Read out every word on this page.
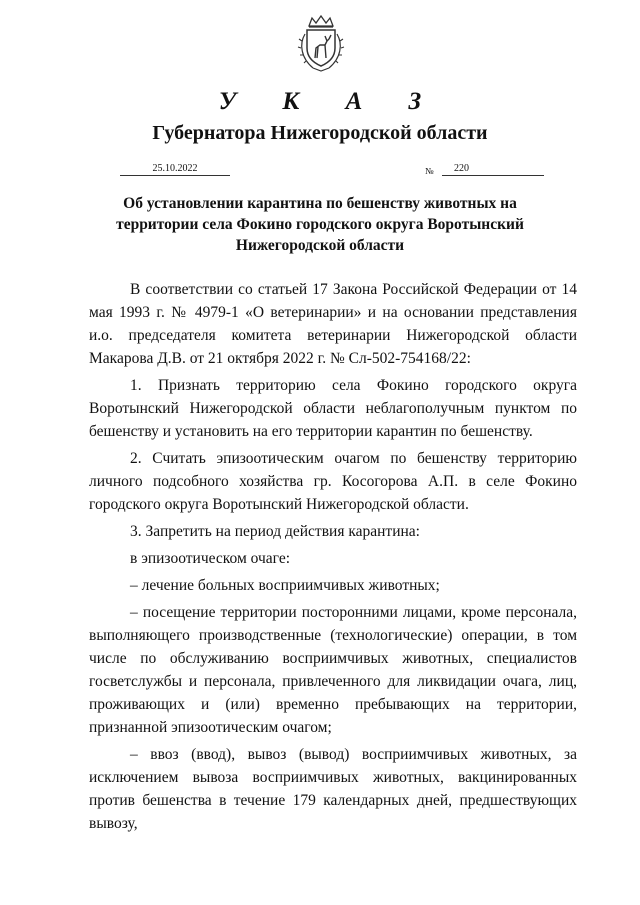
У К А З
Губернатора Нижегородской области
25.10.2022	№	220
Об установлении карантина по бешенству животных на территории села Фокино городского округа Воротынский Нижегородской области

В соответствии со статьей 17 Закона Российской Федерации от 14 мая 1993 г. № 4979-1 «О ветеринарии» и на основании представления и.о. председателя комитета ветеринарии Нижегородской области Макарова Д.В. от 21 октября 2022 г. № Сл-502-754168/22:

1. Признать территорию села Фокино городского округа Воротынский Нижегородской области неблагополучным пунктом по бешенству и установить на его территории карантин по бешенству.

2. Считать эпизоотическим очагом по бешенству территорию личного подсобного хозяйства гр. Косогорова А.П. в селе Фокино городского округа Воротынский Нижегородской области.

3. Запретить на период действия карантина:

в эпизоотическом очаге:

– лечение больных восприимчивых животных;

– посещение территории посторонними лицами, кроме персонала, выполняющего производственные (технологические) операции, в том числе по обслуживанию восприимчивых животных, специалистов госветслужбы и персонала, привлеченного для ликвидации очага, лиц, проживающих и (или) временно пребывающих на территории, признанной эпизоотическим очагом;

– ввоз (ввод), вывоз (вывод) восприимчивых животных, за исключением вывоза восприимчивых животных, вакцинированных против бешенства в течение 179 календарных дней, предшествующих вывозу,
